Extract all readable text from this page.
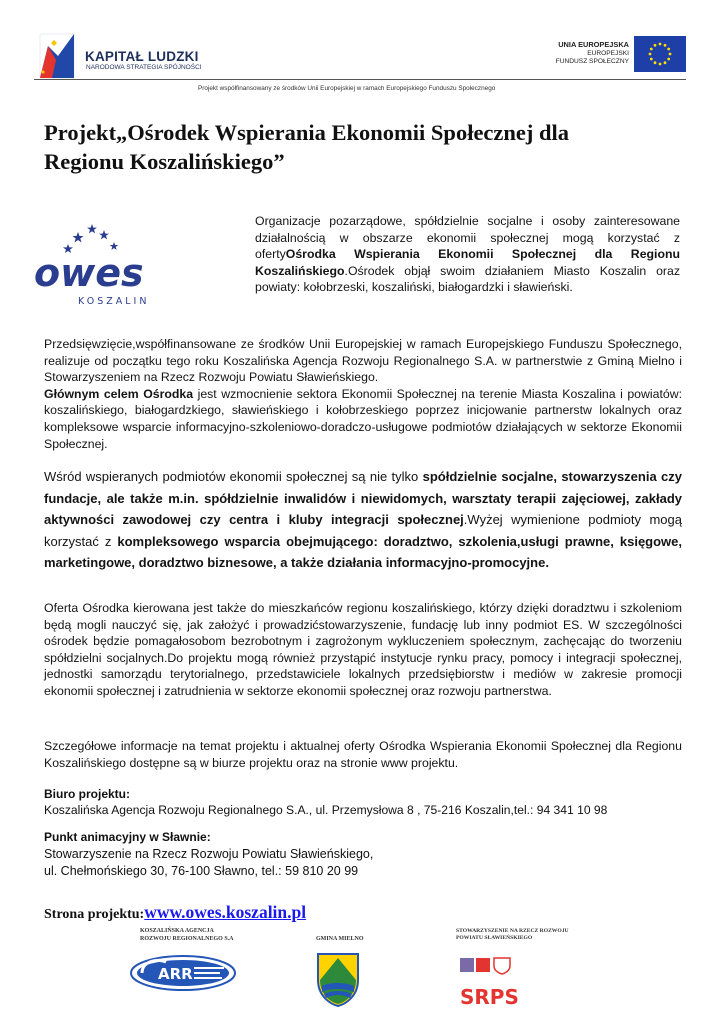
KAPITAŁ LUDZKI
NARODOWA STRATEGIA SPÓJNOŚCI
UNIA EUROPEJSKA
EUROPEJSKI
FUNDUSZ SPOŁECZNY
Projekt współfinansowany ze środków Unii Europejskiej w ramach Europejskiego Funduszu Społecznego
Projekt„Ośrodek Wspierania Ekonomii Społecznej dla
Regionu Koszalińskiego”
owes
KOSZALIN
Organizacje pozarządowe, spółdzielnie socjalne i osoby zainteresowane działalnością w obszarze ekonomii społecznej mogą korzystać z ofertyOśrodka Wspierania Ekonomii Społecznej dla Regionu Koszalińskiego.Ośrodek objął swoim działaniem Miasto Koszalin oraz powiaty: kołobrzeski, koszaliński, białogardzki i sławieński.
Przedsięwzięcie,współfinansowane ze środków Unii Europejskiej w ramach Europejskiego Funduszu Społecznego, realizuje od początku tego roku Koszalińska Agencja Rozwoju Regionalnego S.A. w partnerstwie z Gminą Mielno i Stowarzyszeniem na Rzecz Rozwoju Powiatu Sławieńskiego.
Głównym celem Ośrodka jest wzmocnienie sektora Ekonomii Społecznej na terenie Miasta Koszalina i powiatów: koszalińskiego, białogardzkiego, sławieńskiego i kołobrzeskiego poprzez inicjowanie partnerstw lokalnych oraz kompleksowe wsparcie informacyjno-szkoleniowo-doradczo-usługowe podmiotów działających w sektorze Ekonomii Społecznej.
Wśród wspieranych podmiotów ekonomii społecznej są nie tylko spółdzielnie socjalne, stowarzyszenia czy fundacje, ale także m.in. spółdzielnie inwalidów i niewidomych, warsztaty terapii zajęciowej, zakłady aktywności zawodowej czy centra i kluby integracji społecznej.Wyżej wymienione podmioty mogą korzystać z kompleksowego wsparcia obejmującego: doradztwo, szkolenia,usługi prawne, księgowe, marketingowe, doradztwo biznesowe, a także działania informacyjno-promocyjne.
Oferta Ośrodka kierowana jest także do mieszkańców regionu koszalińskiego, którzy dzięki doradztwu i szkoleniom będą mogli nauczyć się, jak założyć i prowadzićstowarzyszenie, fundację lub inny podmiot ES. W szczególności ośrodek będzie pomagałosobom bezrobotnym i zagrożonym wykluczeniem społecznym, zachęcając do tworzeniu spółdzielni socjalnych.Do projektu mogą również przystąpić instytucje rynku pracy, pomocy i integracji społecznej, jednostki samorządu terytorialnego, przedstawiciele lokalnych przedsiębiorstw i mediów w zakresie promocji ekonomii społecznej i zatrudnienia w sektorze ekonomii społecznej oraz rozwoju partnerstwa.
Szczegółowe informacje na temat projektu i aktualnej oferty Ośrodka Wspierania Ekonomii Społecznej dla Regionu Koszalińskiego dostępne są w biurze projektu oraz na stronie www projektu.
Biuro projektu:
Koszalińska Agencja Rozwoju Regionalnego S.A., ul. Przemysłowa 8 , 75-216 Koszalin,tel.: 94 341 10 98
Punkt animacyjny w Sławnie:
Stowarzyszenie na Rzecz Rozwoju Powiatu Sławieńskiego,
ul. Chełmońskiego 30, 76-100 Sławno, tel.: 59 810 20 99
Strona projektu:www.owes.koszalin.pl
KOSZALIŃSKA AGENCJA
ROZWOJU REGIONALNEGO S.A
ARR
GMINA MIELNO
STOWARZYSZENIE NA RZECZ ROZWOJU
POWIATU SŁAWIEŃSKIEGO
SRPS
